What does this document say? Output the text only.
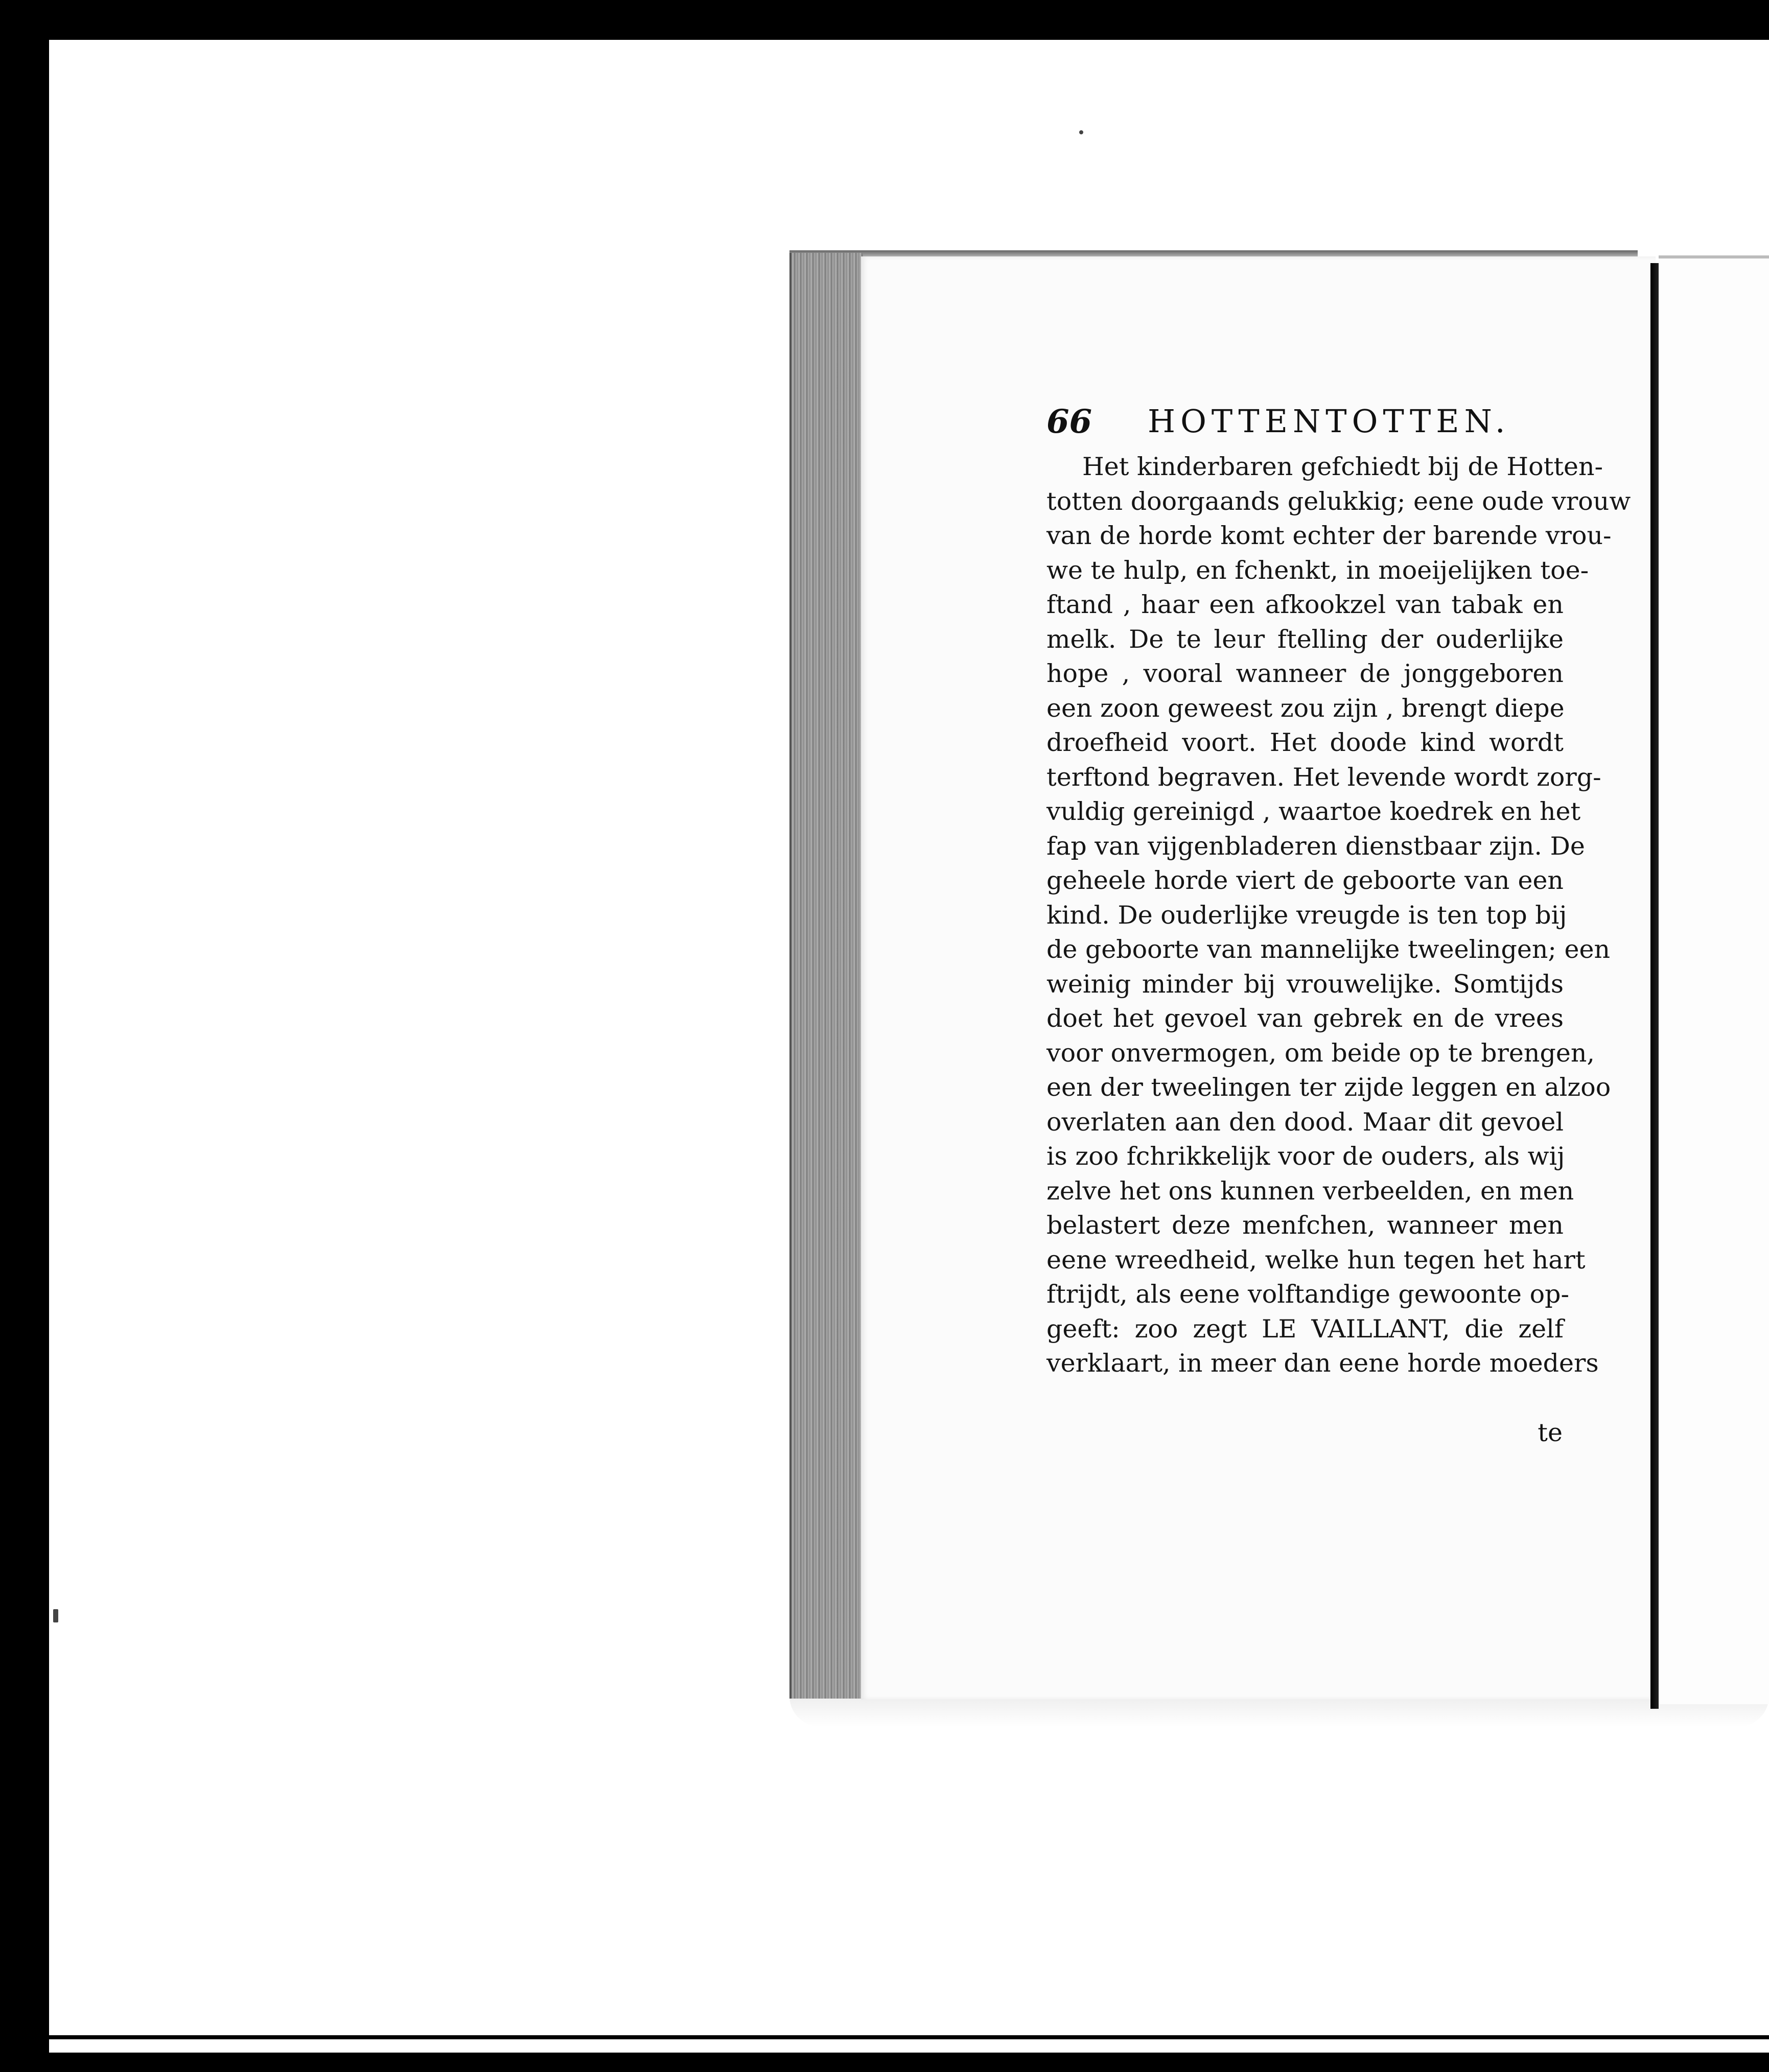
66 HOTTENTOTTEN.
Het kinderbaren gefchiedt bij de Hotten-
totten doorgaands gelukkig; eene oude vrouw
van de horde komt echter der barende vrou-
we te hulp, en fchenkt, in moeijelijken toe-
ftand , haar een afkookzel van tabak en
melk. De te leur ftelling der ouderlijke
hope , vooral wanneer de jonggeboren
een zoon geweest zou zijn , brengt diepe
droefheid voort. Het doode kind wordt
terftond begraven. Het levende wordt zorg-
vuldig gereinigd , waartoe koedrek en het
fap van vijgenbladeren dienstbaar zijn. De
geheele horde viert de geboorte van een
kind. De ouderlijke vreugde is ten top bij
de geboorte van mannelijke tweelingen; een
weinig minder bij vrouwelijke. Somtijds
doet het gevoel van gebrek en de vrees
voor onvermogen, om beide op te brengen,
een der tweelingen ter zijde leggen en alzoo
overlaten aan den dood. Maar dit gevoel
is zoo fchrikkelijk voor de ouders, als wij
zelve het ons kunnen verbeelden, en men
belastert deze menfchen, wanneer men
eene wreedheid, welke hun tegen het hart
ftrijdt, als eene volftandige gewoonte op-
geeft: zoo zegt LE VAILLANT, die zelf
verklaart, in meer dan eene horde moeders
te
